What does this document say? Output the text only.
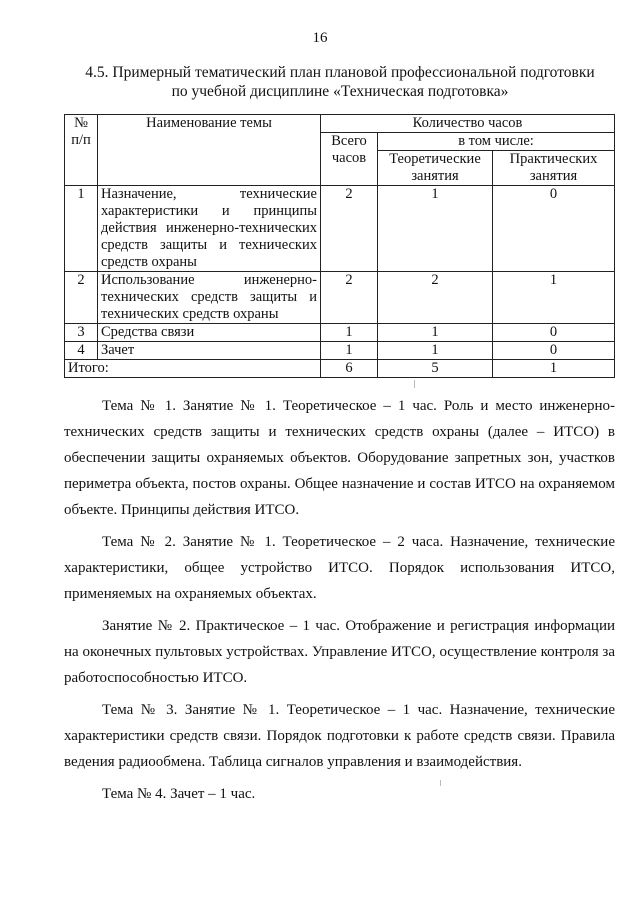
16
4.5. Примерный тематический план плановой профессиональной подготовки
по учебной дисциплине «Техническая подготовка»
№ п/п	Наименование темы	Количество часов		
		Всего часов	в том числе:	
			Теоретические занятия	Практических занятия
1	Назначение, технические характеристики и принципы действия инженерно-технических средств защиты и технических средств охраны	2	1	0
2	Использование инженерно-технических средств защиты и технических средств охраны	2	2	1
3	Средства связи	1	1	0
4	Зачет	1	1	0
Итого:		6	5	1

Тема № 1. Занятие № 1. Теоретическое – 1 час. Роль и место инженерно-технических средств защиты и технических средств охраны (далее – ИТСО) в обеспечении защиты охраняемых объектов. Оборудование запретных зон, участков периметра объекта, постов охраны. Общее назначение и состав ИТСО на охраняемом объекте. Принципы действия ИТСО.

Тема № 2. Занятие № 1. Теоретическое – 2 часа. Назначение, технические характеристики, общее устройство ИТСО. Порядок использования ИТСО, применяемых на охраняемых объектах.

Занятие № 2. Практическое – 1 час. Отображение и регистрация информации на оконечных пультовых устройствах. Управление ИТСО, осуществление контроля за работоспособностью ИТСО.

Тема № 3. Занятие № 1. Теоретическое – 1 час. Назначение, технические характеристики средств связи. Порядок подготовки к работе средств связи. Правила ведения радиообмена. Таблица сигналов управления и взаимодействия.

Тема № 4. Зачет – 1 час.
